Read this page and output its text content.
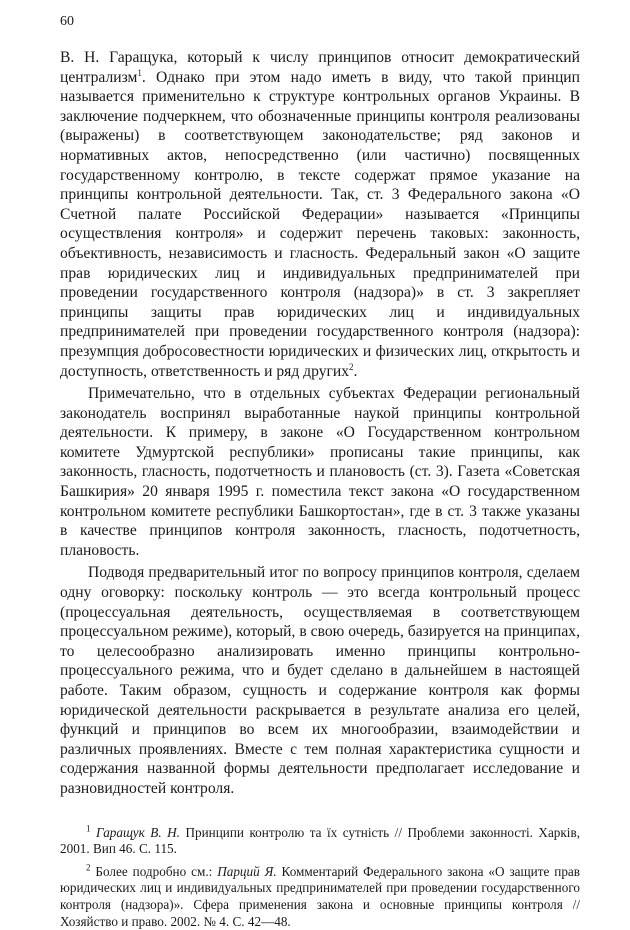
60

В. Н. Гаращука, который к числу принципов относит демократический централизм$^1$. Однако при этом надо иметь в виду, что такой принцип называется применительно к структуре контрольных органов Украины. В заключение подчеркнем, что обозначенные принципы контроля реализованы (выражены) в соответствующем законодательстве; ряд законов и нормативных актов, непосредственно (или частично) посвященных государственному контролю, в тексте содержат прямое указание на принципы контрольной деятельности. Так, ст. 3 Федерального закона «О Счетной палате Российской Федерации» называется «Принципы осуществления контроля» и содержит перечень таковых: законность, объективность, независимость и гласность. Федеральный закон «О защите прав юридических лиц и индивидуальных предпринимателей при проведении государственного контроля (надзора)» в ст. 3 закрепляет принципы защиты прав юридических лиц и индивидуальных предпринимателей при проведении государственного контроля (надзора): презумпция добросовестности юридических и физических лиц, открытость и доступность, ответственность и ряд других$^2$.

Примечательно, что в отдельных субъектах Федерации региональный законодатель воспринял выработанные наукой принципы контрольной деятельности. К примеру, в законе «О Государственном контрольном комитете Удмуртской республики» прописаны такие принципы, как законность, гласность, подотчетность и плановость (ст. 3). Газета «Советская Башкирия» 20 января 1995 г. поместила текст закона «О государственном контрольном комитете республики Башкортостан», где в ст. 3 также указаны в качестве принципов контроля законность, гласность, подотчетность, плановость.

Подводя предварительный итог по вопросу принципов контроля, сделаем одну оговорку: поскольку контроль — это всегда контрольный процесс (процессуальная деятельность, осуществляемая в соответствующем процессуальном режиме), который, в свою очередь, базируется на принципах, то целесообразно анализировать именно принципы контрольно-процессуального режима, что и будет сделано в дальнейшем в настоящей работе. Таким образом, сущность и содержание контроля как формы юридической деятельности раскрывается в результате анализа его целей, функций и принципов во всем их многообразии, взаимодействии и различных проявлениях. Вместе с тем полная характеристика сущности и содержания названной формы деятельности предполагает исследование и разновидностей контроля.

$^1$ Гаращук В. Н. Принципи контролю та їх сутність // Проблеми законності. Харків, 2001. Вип 46. С. 115.

$^2$ Более подробно см.: Парций Я. Комментарий Федерального закона «О защите прав юридических лиц и индивидуальных предпринимателей при проведении государственного контроля (надзора)». Сфера применения закона и основные принципы контроля // Хозяйство и право. 2002. № 4. С. 42—48.
